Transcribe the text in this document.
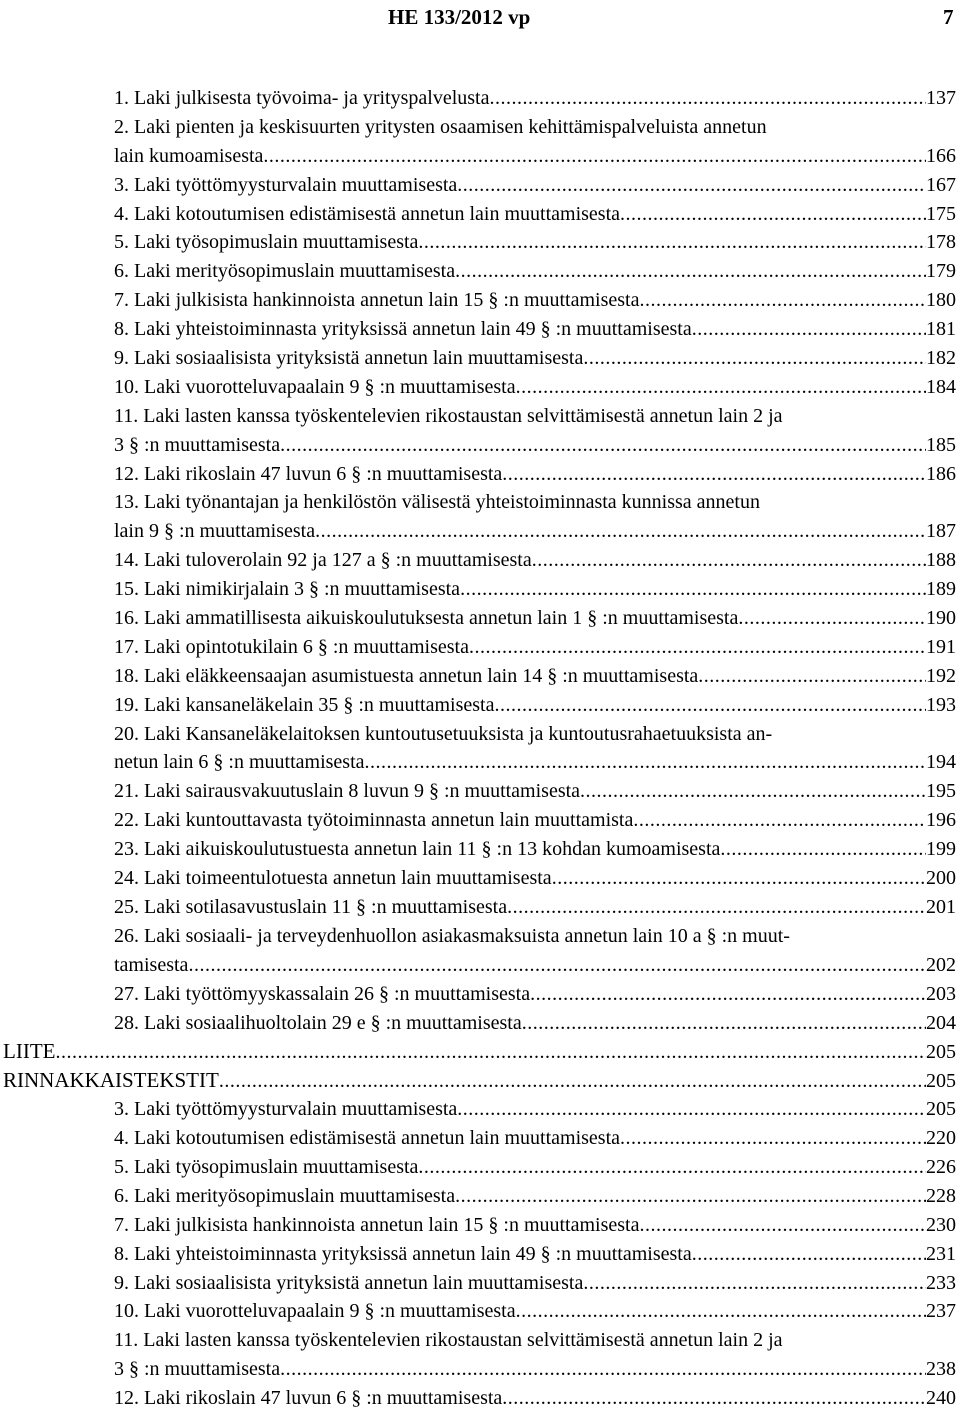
HE 133/2012 vp	7
1. Laki julkisesta työvoima- ja yrityspalvelusta .....	137
2. Laki pienten ja keskisuurten yritysten osaamisen kehittämispalveluista annetun
lain kumoamisesta .....	166
3. Laki työttömyysturvalain muuttamisesta .....	167
4. Laki kotoutumisen edistämisestä annetun lain muuttamisesta .....	175
5. Laki työsopimuslain muuttamisesta .....	178
6. Laki merityösopimuslain muuttamisesta .....	179
7. Laki julkisista hankinnoista annetun lain 15 § :n muuttamisesta .....	180
8. Laki yhteistoiminnasta yrityksissä annetun lain 49 § :n muuttamisesta .....	181
9. Laki sosiaalisista yrityksistä annetun lain muuttamisesta .....	182
10. Laki vuorotteluvapaalain 9 § :n muuttamisesta .....	184
11. Laki lasten kanssa työskentelevien rikostaustan selvittämisestä annetun lain 2 ja
3 § :n muuttamisesta .....	185
12. Laki rikoslain 47 luvun 6 § :n muuttamisesta .....	186
13. Laki työnantajan ja henkilöstön välisestä yhteistoiminnasta kunnissa annetun
lain 9 § :n muuttamisesta .....	187
14. Laki tuloverolain 92 ja 127 a § :n muuttamisesta .....	188
15. Laki nimikirjalain 3 § :n muuttamisesta .....	189
16. Laki ammatillisesta aikuiskoulutuksesta annetun lain 1 § :n muuttamisesta .....	190
17. Laki opintotukilain 6 § :n muuttamisesta .....	191
18. Laki eläkkeensaajan asumistuesta annetun lain 14 § :n muuttamisesta .....	192
19. Laki kansaneläkelain 35 § :n muuttamisesta .....	193
20. Laki Kansaneläkelaitoksen kuntoutusetuuksista ja kuntoutusrahaetuuksista an-
netun lain 6 § :n muuttamisesta .....	194
21. Laki sairausvakuutuslain 8 luvun 9 § :n muuttamisesta .....	195
22. Laki kuntouttavasta työtoiminnasta annetun lain muuttamista .....	196
23. Laki aikuiskoulutustuesta annetun lain 11 § :n 13 kohdan kumoamisesta .....	199
24. Laki toimeentulotuesta annetun lain muuttamisesta .....	200
25. Laki sotilasavustuslain 11 § :n muuttamisesta .....	201
26. Laki sosiaali- ja terveydenhuollon asiakasmaksuista annetun lain 10 a § :n muut-
tamisesta .....	202
27. Laki työttömyyskassalain 26 § :n muuttamisesta .....	203
28. Laki sosiaalihuoltolain 29 e § :n muuttamisesta .....	204
LIITE .....	205
RINNAKKAISTEKSTIT .....	205
3. Laki työttömyysturvalain muuttamisesta .....	205
4. Laki kotoutumisen edistämisestä annetun lain muuttamisesta .....	220
5. Laki työsopimuslain muuttamisesta .....	226
6. Laki merityösopimuslain muuttamisesta .....	228
7. Laki julkisista hankinnoista annetun lain 15 § :n muuttamisesta .....	230
8. Laki yhteistoiminnasta yrityksissä annetun lain 49 § :n muuttamisesta .....	231
9. Laki sosiaalisista yrityksistä annetun lain muuttamisesta .....	233
10. Laki vuorotteluvapaalain 9 § :n muuttamisesta .....	237
11. Laki lasten kanssa työskentelevien rikostaustan selvittämisestä annetun lain 2 ja
3 § :n muuttamisesta .....	238
12. Laki rikoslain 47 luvun 6 § :n muuttamisesta .....	240
